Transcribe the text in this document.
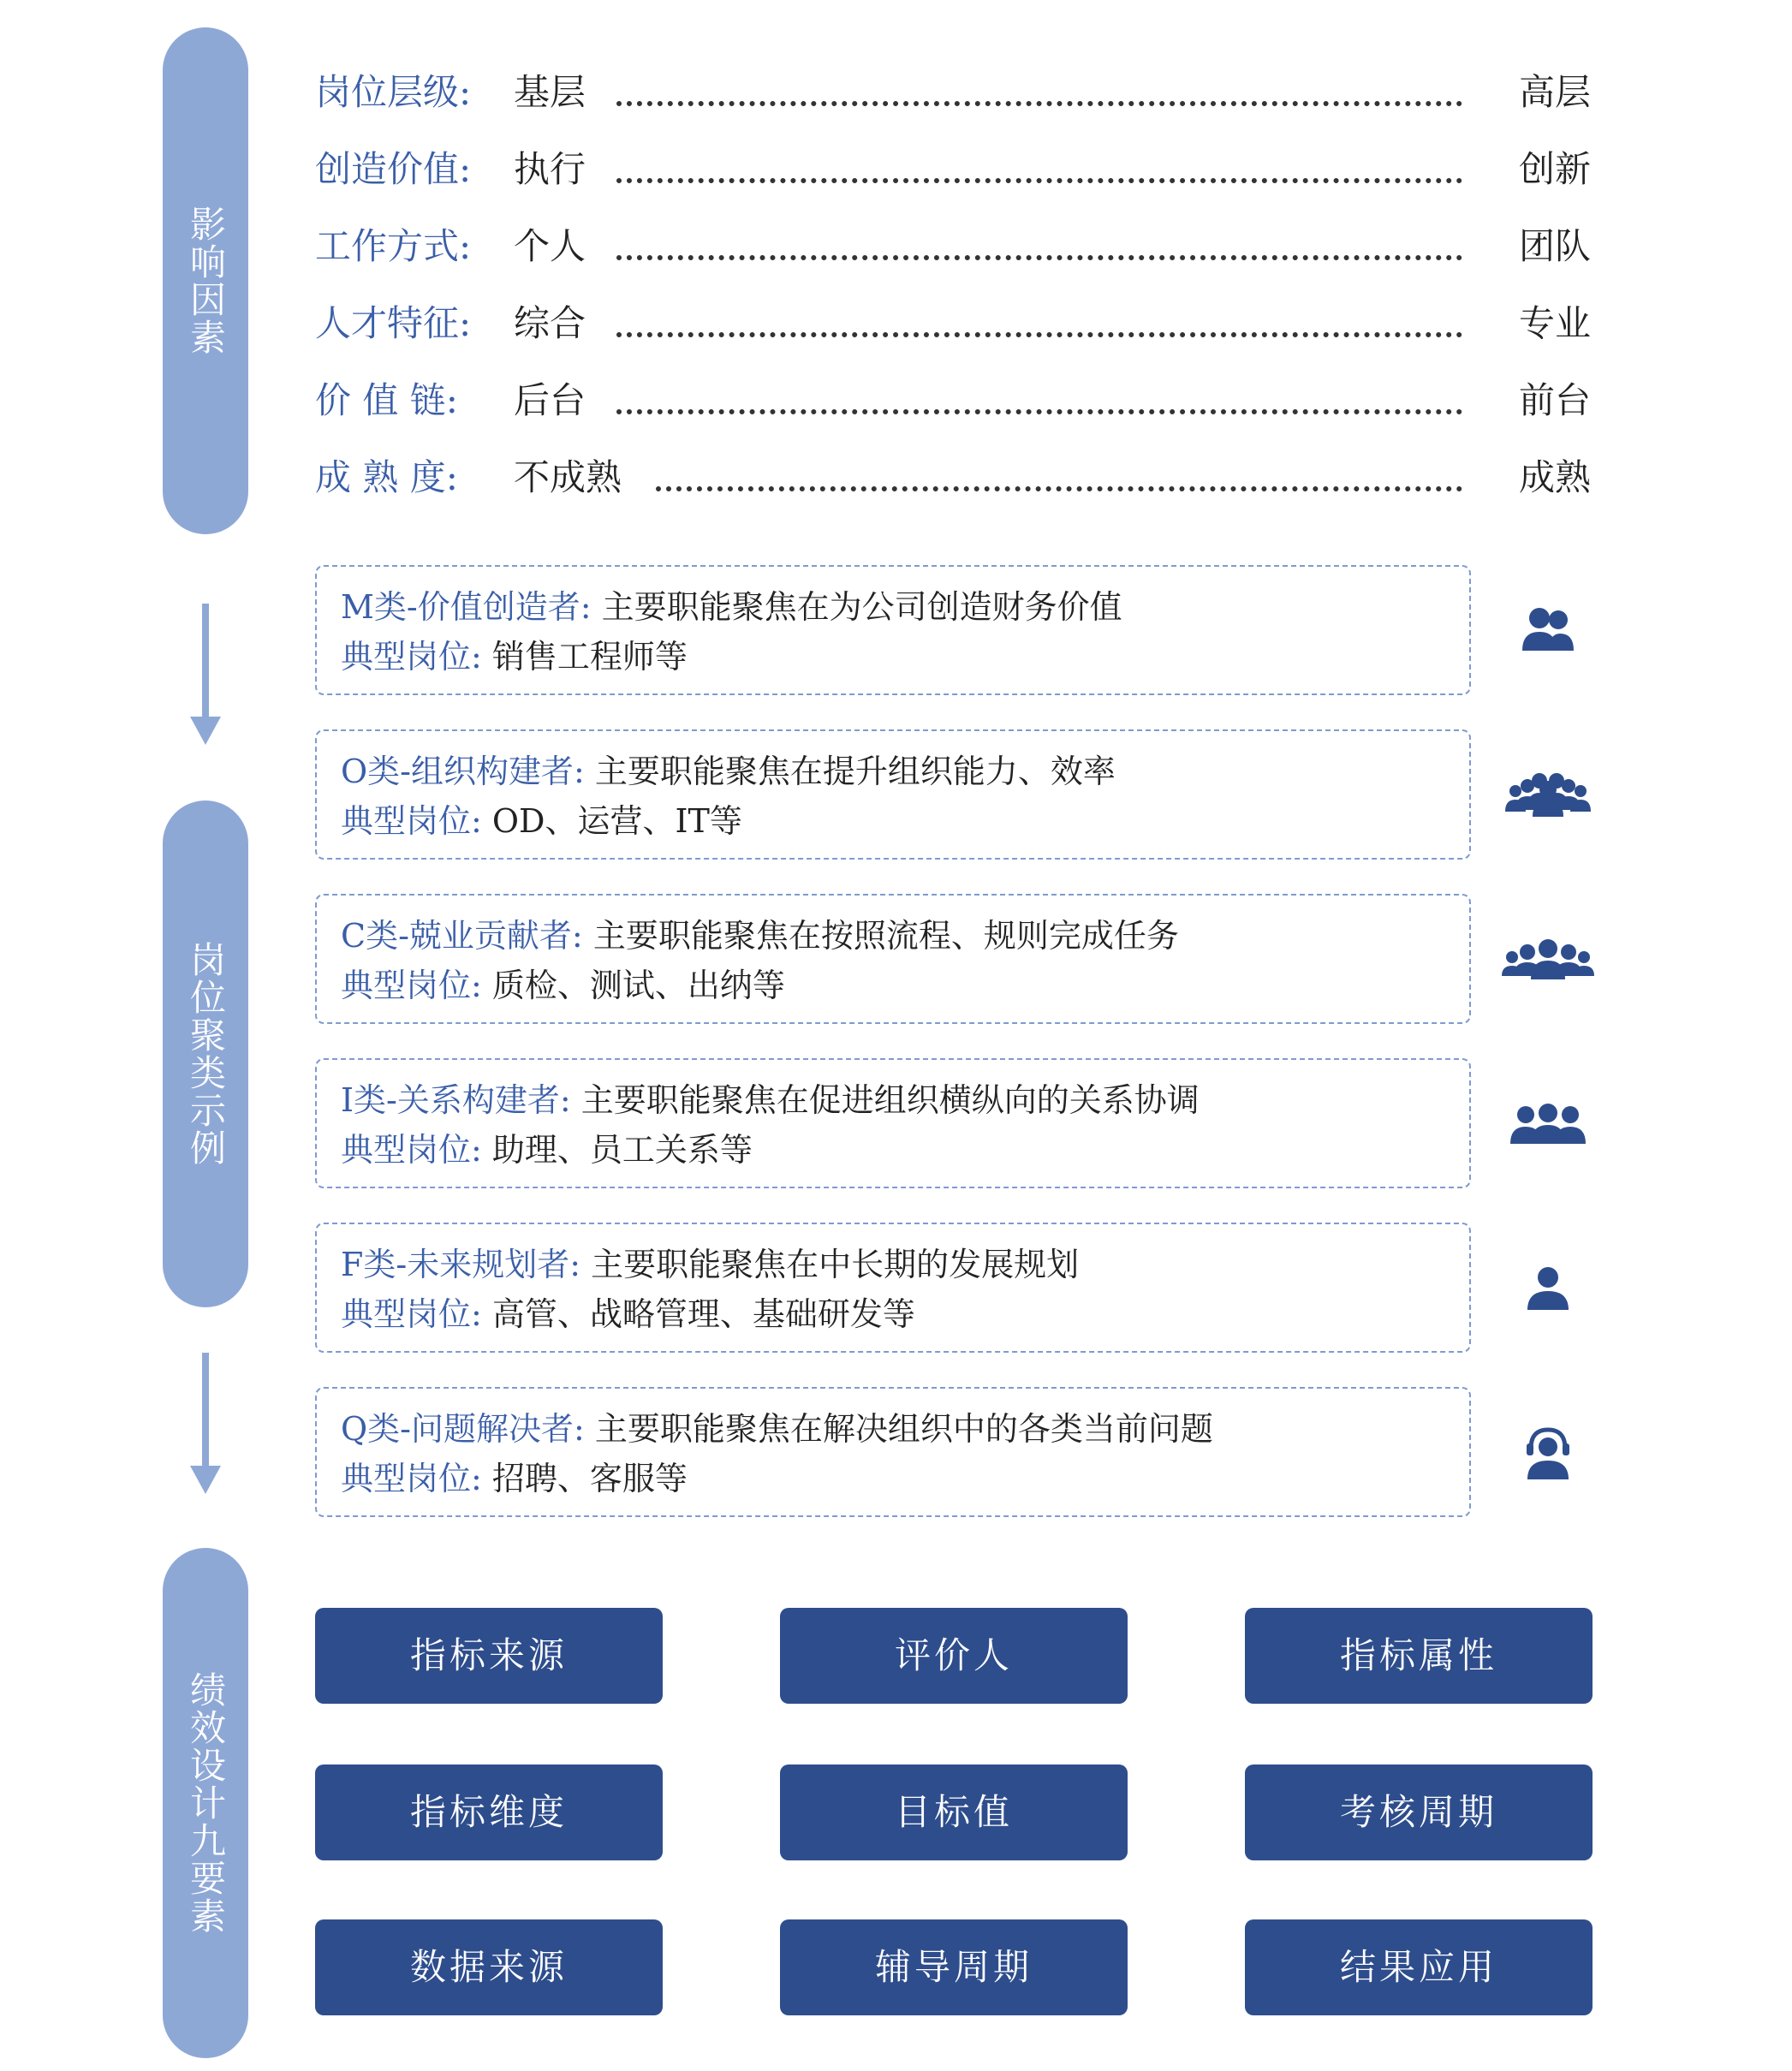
影响因素
岗位聚类示例
绩效设计九要素
岗位层级:	基层	高层
创造价值:	执行	创新
工作方式:	个人	团队
人才特征:	综合	专业
价 值 链:	后台	前台
成 熟 度:	不成熟	成熟
M类-价值创造者: 主要职能聚焦在为公司创造财务价值
典型岗位: 销售工程师等
O类-组织构建者: 主要职能聚焦在提升组织能力、效率
典型岗位: OD、运营、IT等
C类-兢业贡献者: 主要职能聚焦在按照流程、规则完成任务
典型岗位: 质检、测试、出纳等
I类-关系构建者: 主要职能聚焦在促进组织横纵向的关系协调
典型岗位: 助理、员工关系等
F类-未来规划者: 主要职能聚焦在中长期的发展规划
典型岗位: 高管、战略管理、基础研发等
Q类-问题解决者: 主要职能聚焦在解决组织中的各类当前问题
典型岗位: 招聘、客服等
指标来源	评价人	指标属性
指标维度	目标值	考核周期
数据来源	辅导周期	结果应用
